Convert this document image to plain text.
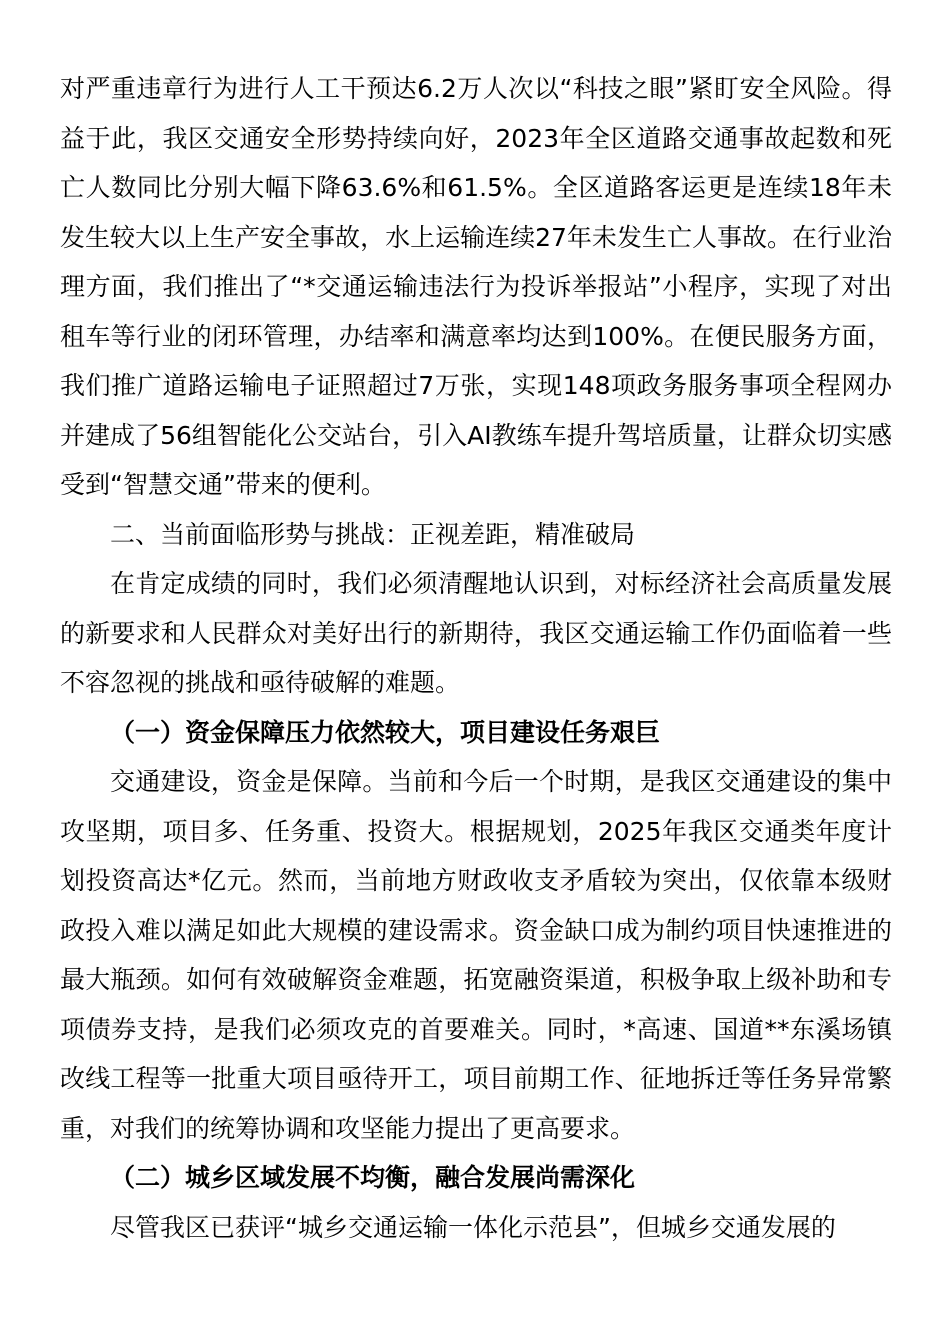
对严重违章行为进行人工干预达6.2万人次以“科技之眼”紧盯安全风险。得益于此，我区交通安全形势持续向好，2023年全区道路交通事故起数和死亡人数同比分别大幅下降63.6%和61.5%。全区道路客运更是连续18年未发生较大以上生产安全事故，水上运输连续27年未发生亡人事故。在行业治理方面，我们推出了“*交通运输违法行为投诉举报站”小程序，实现了对出租车等行业的闭环管理，办结率和满意率均达到100%。在便民服务方面，我们推广道路运输电子证照超过7万张，实现148项政务服务事项全程网办并建成了56组智能化公交站台，引入AI教练车提升驾培质量，让群众切实感受到“智慧交通”带来的便利。

二、当前面临形势与挑战：正视差距，精准破局

在肯定成绩的同时，我们必须清醒地认识到，对标经济社会高质量发展的新要求和人民群众对美好出行的新期待，我区交通运输工作仍面临着一些不容忽视的挑战和亟待破解的难题。

（一）资金保障压力依然较大，项目建设任务艰巨

交通建设，资金是保障。当前和今后一个时期，是我区交通建设的集中攻坚期，项目多、任务重、投资大。根据规划，2025年我区交通类年度计划投资高达*亿元。然而，当前地方财政收支矛盾较为突出，仅依靠本级财政投入难以满足如此大规模的建设需求。资金缺口成为制约项目快速推进的最大瓶颈。如何有效破解资金难题，拓宽融资渠道，积极争取上级补助和专项债券支持，是我们必须攻克的首要难关。同时，*高速、国道**东溪场镇改线工程等一批重大项目亟待开工，项目前期工作、征地拆迁等任务异常繁重，对我们的统筹协调和攻坚能力提出了更高要求。

（二）城乡区域发展不均衡，融合发展尚需深化

尽管我区已获评“城乡交通运输一体化示范县”，但城乡交通发展的
